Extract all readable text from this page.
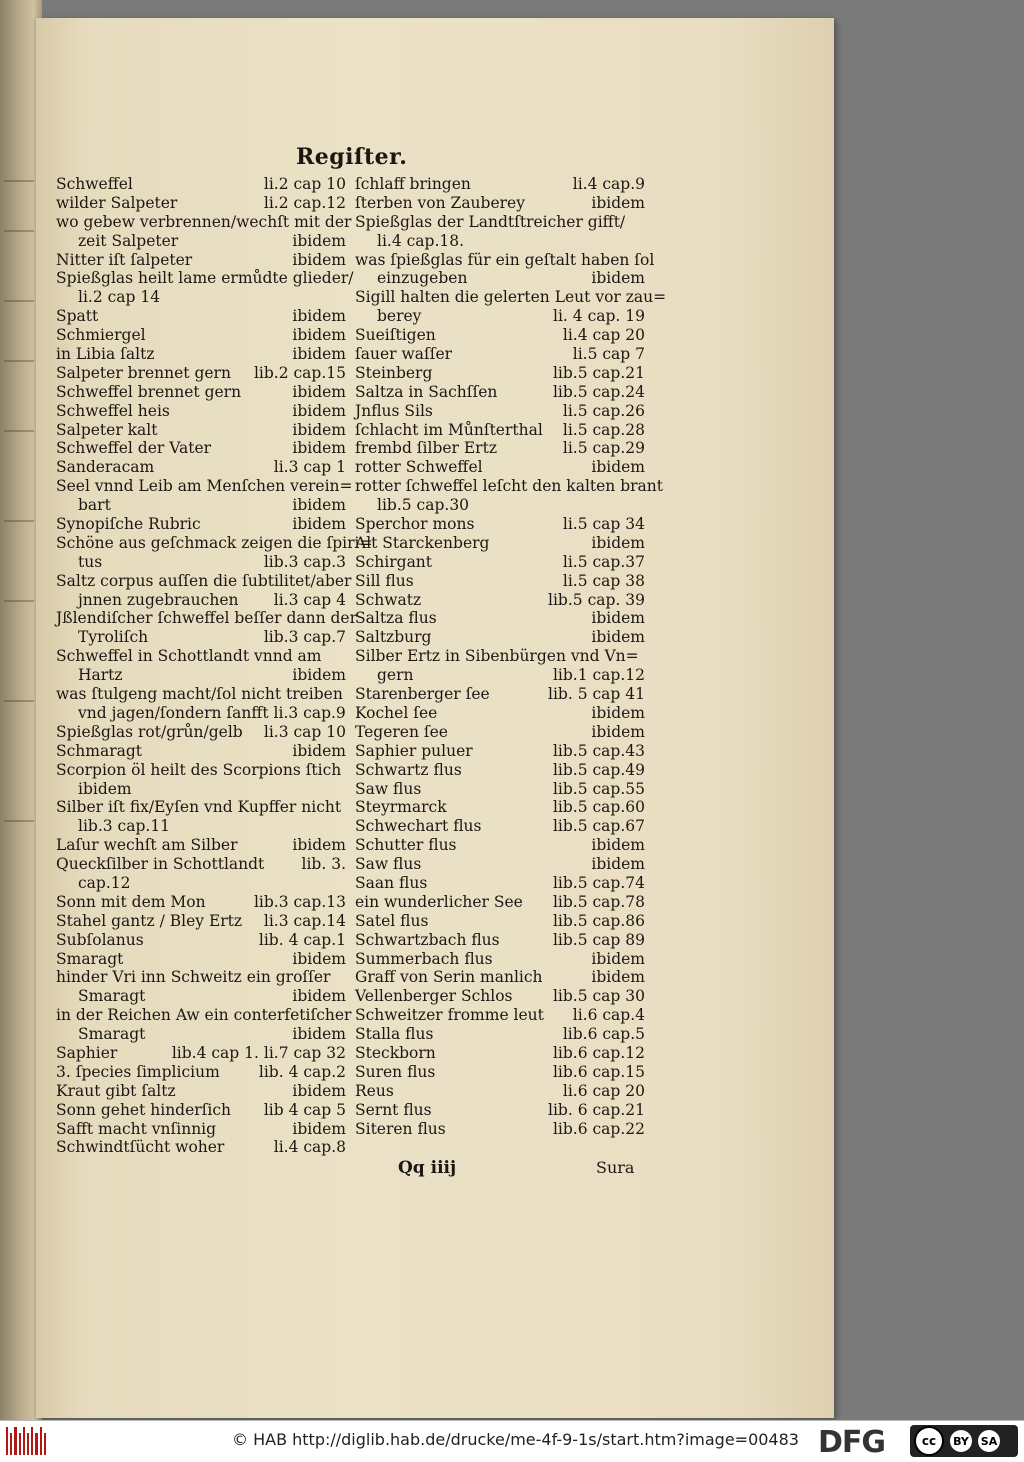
Regiſter.
Schweffel	li.2 cap 10
wilder Salpeter	li.2 cap.12
wo gebew verbrennen/wechſt mit der
zeit Salpeter	ibidem
Nitter iſt ſalpeter	ibidem
Spießglas heilt lame ermůdte glieder/
li.2 cap 14
Spatt	ibidem
Schmiergel	ibidem
in Libia ſaltz	ibidem
Salpeter brennet gern lib.2 cap.15
Schweffel brennet gern	ibidem
Schweffel heis	ibidem
Salpeter kalt	ibidem
Schweffel der Vater	ibidem
Sanderacam	li.3 cap 1
Seel vnnd Leib am Menſchen verein=
bart	ibidem
Synopiſche Rubric	ibidem
Schöne aus geſchmack zeigen die ſpiri=
tus	lib.3 cap.3
Saltz corpus auſſen die ſubtilitet/aber
jnnen zugebrauchen li.3 cap 4
Jßlendiſcher ſchweffel beſſer dann der
Tyroliſch	lib.3 cap.7
Schweffel in Schottlandt vnnd am
Hartz	ibidem
was ſtulgeng macht/ſol nicht treiben
vnd jagen/ſondern ſanfft li.3 cap.9
Spießglas rot/grůn/gelb li.3 cap 10
Schmaragt	ibidem
Scorpion öl heilt des Scorpions ſtich
ibidem
Silber iſt fix/Eyſen vnd Kupffer nicht
lib.3 cap.11
Laſur wechſt am Silber	ibidem
Queckſilber in Schottlandt lib. 3.
cap.12
Sonn mit dem Mon	lib.3 cap.13
Stahel gantz / Bley Ertz li.3 cap.14
Subſolanus	lib. 4 cap.1
Smaragt	ibidem
hinder Vri inn Schweitz ein groſſer
Smaragt	ibidem
in der Reichen Aw ein conterfetiſcher
Smaragt	ibidem
Saphier	lib.4 cap 1. li.7 cap 32
3. ſpecies ſimplicium	lib. 4 cap.2
Kraut gibt ſaltz	ibidem
Sonn gehet hinderſich lib 4 cap 5
Safft macht vnſinnig	ibidem
Schwindtſücht woher	li.4 cap.8
ſchlaff bringen	li.4 cap.9
ſterben von Zauberey	ibidem
Spießglas der Landtſtreicher gifft/
li.4 cap.18.
was ſpießglas für ein geſtalt haben ſol
einzugeben	ibidem
Sigill halten die gelerten Leut vor zau=
berey	li. 4 cap. 19
Sueiſtigen	li.4 cap 20
ſauer waſſer	li.5 cap 7
Steinberg	lib.5 cap.21
Saltza in Sachſſen	lib.5 cap.24
Jnflus Sils	li.5 cap.26
ſchlacht im Můnſterthal li.5 cap.28
frembd ſilber Ertz	li.5 cap.29
rotter Schweffel	ibidem
rotter ſchweffel leſcht den kalten brant
lib.5 cap.30
Sperchor mons	li.5 cap 34
Alt Starckenberg	ibidem
Schirgant	li.5 cap.37
Sill flus	li.5 cap 38
Schwatz	lib.5 cap. 39
Saltza flus	ibidem
Saltzburg	ibidem
Silber Ertz in Sibenbürgen vnd Vn=
gern	lib.1 cap.12
Starenberger ſee	lib. 5 cap 41
Kochel ſee	ibidem
Tegeren ſee	ibidem
Saphier puluer	lib.5 cap.43
Schwartz flus	lib.5 cap.49
Saw flus	lib.5 cap.55
Steyrmarck	lib.5 cap.60
Schwechart flus	lib.5 cap.67
Schutter flus	ibidem
Saw flus	ibidem
Saan flus	lib.5 cap.74
ein wunderlicher See lib.5 cap.78
Satel flus	lib.5 cap.86
Schwartzbach flus	lib.5 cap 89
Summerbach flus	ibidem
Graff von Serin manlich	ibidem
Vellenberger Schlos	lib.5 cap 30
Schweitzer fromme leut li.6 cap.4
Stalla flus	lib.6 cap.5
Steckborn	lib.6 cap.12
Suren flus	lib.6 cap.15
Reus	li.6 cap 20
Sernt flus	lib. 6 cap.21
Siteren flus	lib.6 cap.22
Qq iiij	Sura
© HAB http://diglib.hab.de/drucke/me-4f-9-1s/start.htm?image=00483 DFG	cc	BY SA
